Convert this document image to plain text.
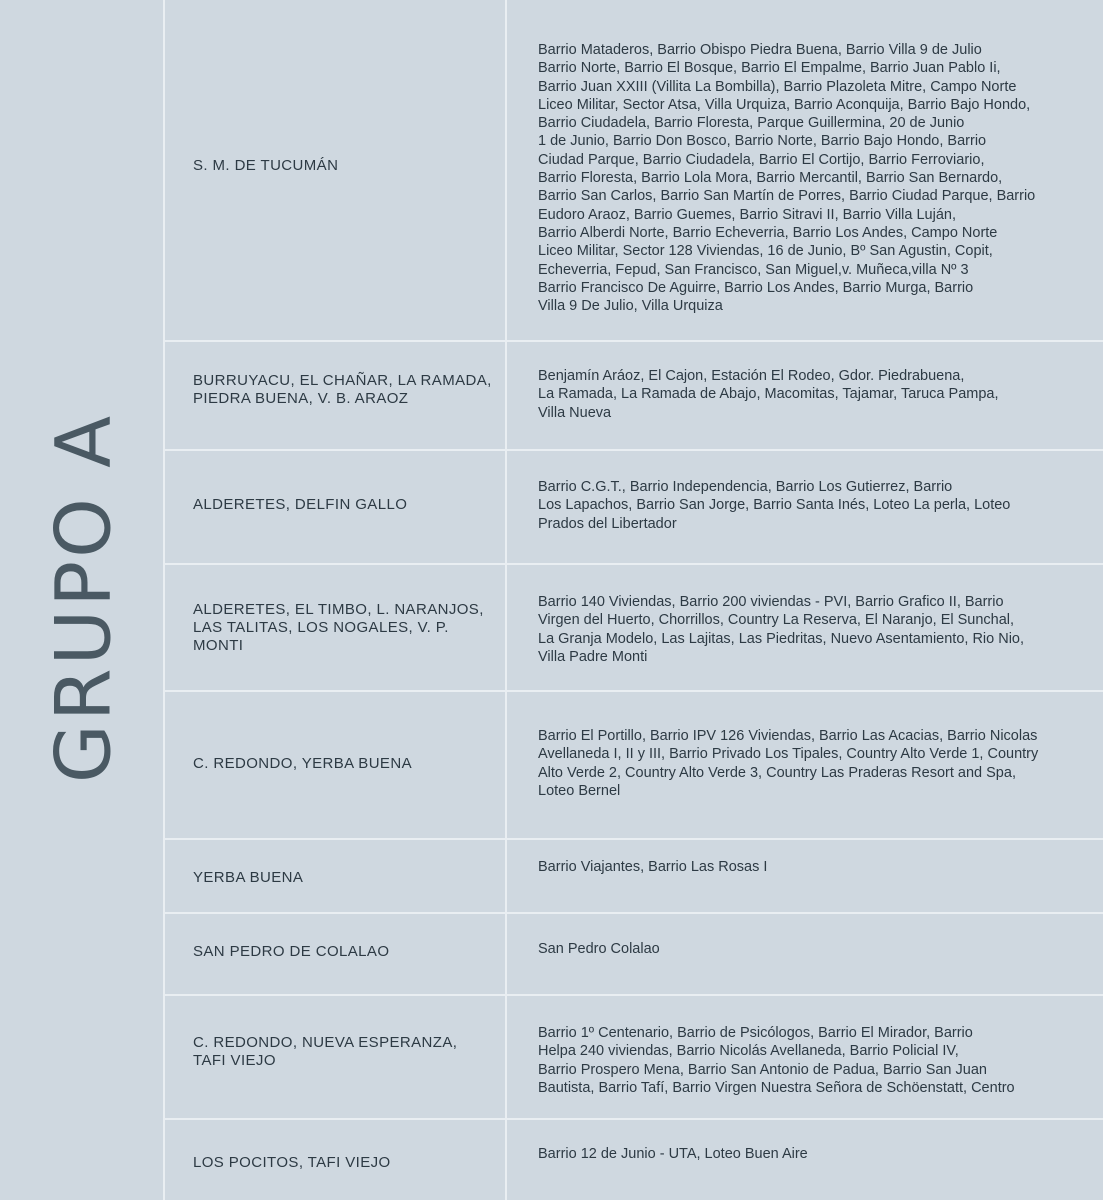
GRUPO A
S. M. DE TUCUMÁN
Barrio Mataderos, Barrio Obispo Piedra Buena, Barrio Villa 9 de Julio
Barrio Norte, Barrio El Bosque, Barrio El Empalme, Barrio Juan Pablo Ii,
Barrio Juan XXIII (Villita La Bombilla), Barrio Plazoleta Mitre, Campo Norte
Liceo Militar, Sector Atsa, Villa Urquiza, Barrio Aconquija, Barrio Bajo Hondo,
Barrio Ciudadela, Barrio Floresta, Parque Guillermina, 20 de Junio
1 de Junio, Barrio Don Bosco, Barrio Norte, Barrio Bajo Hondo, Barrio
Ciudad Parque, Barrio Ciudadela, Barrio El Cortijo, Barrio Ferroviario,
Barrio Floresta, Barrio Lola Mora, Barrio Mercantil, Barrio San Bernardo,
Barrio San Carlos, Barrio San Martín de Porres, Barrio Ciudad Parque, Barrio
Eudoro Araoz, Barrio Guemes, Barrio Sitravi II, Barrio Villa Luján,
Barrio Alberdi Norte, Barrio Echeverria, Barrio Los Andes, Campo Norte
Liceo Militar, Sector 128 Viviendas, 16 de Junio, Bº San Agustin, Copit,
Echeverria, Fepud, San Francisco, San Miguel,v. Muñeca,villa Nº 3
Barrio Francisco De Aguirre, Barrio Los Andes, Barrio Murga, Barrio
Villa 9 De Julio, Villa Urquiza
BURRUYACU, EL CHAÑAR, LA RAMADA,
PIEDRA BUENA, V. B. ARAOZ
Benjamín Aráoz, El Cajon, Estación El Rodeo, Gdor. Piedrabuena,
La Ramada, La Ramada de Abajo, Macomitas, Tajamar, Taruca Pampa,
Villa Nueva
ALDERETES, DELFIN GALLO
Barrio C.G.T., Barrio Independencia, Barrio Los Gutierrez, Barrio
Los Lapachos, Barrio San Jorge, Barrio Santa Inés, Loteo La perla, Loteo
Prados del Libertador
ALDERETES, EL TIMBO, L. NARANJOS,
LAS TALITAS, LOS NOGALES, V. P. MONTI
Barrio 140 Viviendas, Barrio 200 viviendas - PVI, Barrio Grafico II, Barrio
Virgen del Huerto, Chorrillos, Country La Reserva, El Naranjo, El Sunchal,
La Granja Modelo, Las Lajitas, Las Piedritas, Nuevo Asentamiento, Rio Nio,
Villa Padre Monti
C. REDONDO, YERBA BUENA
Barrio El Portillo, Barrio IPV 126 Viviendas, Barrio Las Acacias, Barrio Nicolas
Avellaneda I, II y III, Barrio Privado Los Tipales, Country Alto Verde 1, Country
Alto Verde 2, Country Alto Verde 3, Country Las Praderas Resort and Spa,
Loteo Bernel
YERBA BUENA
Barrio Viajantes, Barrio Las Rosas I
SAN PEDRO DE COLALAO	San Pedro Colalao
C. REDONDO, NUEVA ESPERANZA,
TAFI VIEJO
Barrio 1º Centenario, Barrio de Psicólogos, Barrio El Mirador, Barrio
Helpa 240 viviendas, Barrio Nicolás Avellaneda, Barrio Policial IV,
Barrio Prospero Mena, Barrio San Antonio de Padua, Barrio San Juan
Bautista, Barrio Tafí, Barrio Virgen Nuestra Señora de Schöenstatt, Centro
LOS POCITOS, TAFI VIEJO	Barrio 12 de Junio - UTA, Loteo Buen Aire
